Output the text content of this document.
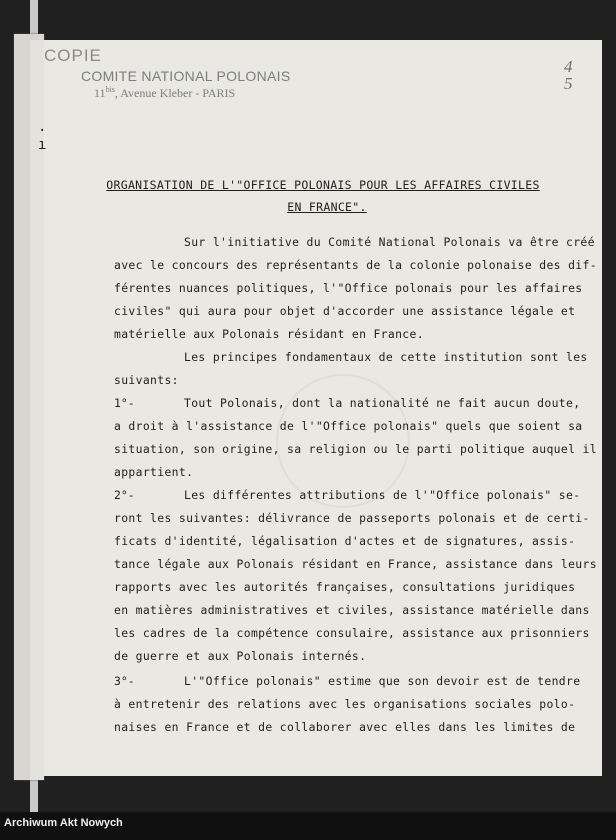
COPIE
COMITE NATIONAL POLONAIS
$11^{bis}$, Avenue Kleber - PARIS
4
5
·
ı
ORGANISATION DE L'"OFFICE POLONAIS POUR LES AFFAIRES CIVILES
EN FRANCE".
Sur l'initiative du Comité National Polonais va être créé
avec le concours des représentants de la colonie polonaise des dif-
férentes nuances politiques, l'"Office polonais pour les affaires
civiles" qui aura pour objet d'accorder une assistance légale et
matérielle aux Polonais résidant en France.
Les principes fondamentaux de cette institution sont les
suivants:
1°-	Tout Polonais, dont la nationalité ne fait aucun doute,
a droit à l'assistance de l'"Office polonais" quels que soient sa
situation, son origine, sa religion ou le parti politique auquel il
appartient.
2°-	Les différentes attributions de l'"Office polonais" se-
ront les suivantes: délivrance de passeports polonais et de certi-
ficats d'identité, légalisation d'actes et de signatures, assis-
tance légale aux Polonais résidant en France, assistance dans leurs
rapports avec les autorités françaises, consultations juridiques
en matières administratives et civiles, assistance matérielle dans
les cadres de la compétence consulaire, assistance aux prisonniers
de guerre et aux Polonais internés.
3°-	L'"Office polonais" estime que son devoir est de tendre
à entretenir des relations avec les organisations sociales polo-
naises en France et de collaborer avec elles dans les limites de
Archiwum Akt Nowych
